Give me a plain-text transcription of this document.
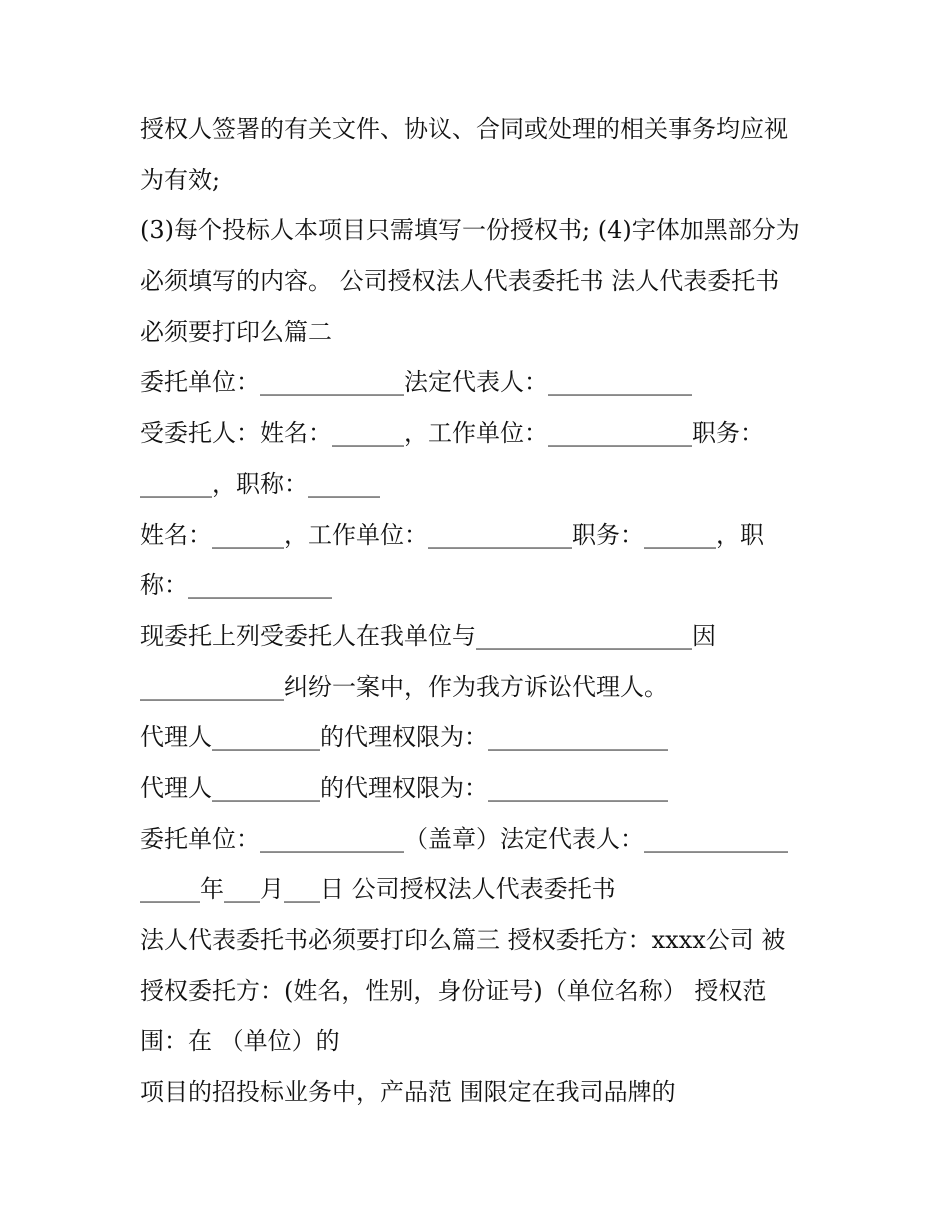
授权人签署的有关文件、协议、合同或处理的相关事务均应视

为有效;

(3)每个投标人本项目只需填写一份授权书; (4)字体加黑部分为

必须填写的内容。 公司授权法人代表委托书 法人代表委托书

必须要打印么篇二

委托单位：____________法定代表人：____________

受委托人：姓名：______，工作单位：____________职务：

______，职称：______

姓名：______，工作单位：____________职务：______，职

称：____________

现委托上列受委托人在我单位与__________________因

____________纠纷一案中，作为我方诉讼代理人。

代理人_________的代理权限为：_______________

代理人_________的代理权限为：_______________

委托单位：____________（盖章）法定代表人：____________

_____年___月___日 公司授权法人代表委托书

法人代表委托书必须要打印么篇三 授权委托方：xxxx公司 被

授权委托方：(姓名，性别，身份证号)（单位名称） 授权范

围：在 （单位）的

项目的招投标业务中，产品范 围限定在我司品牌的
